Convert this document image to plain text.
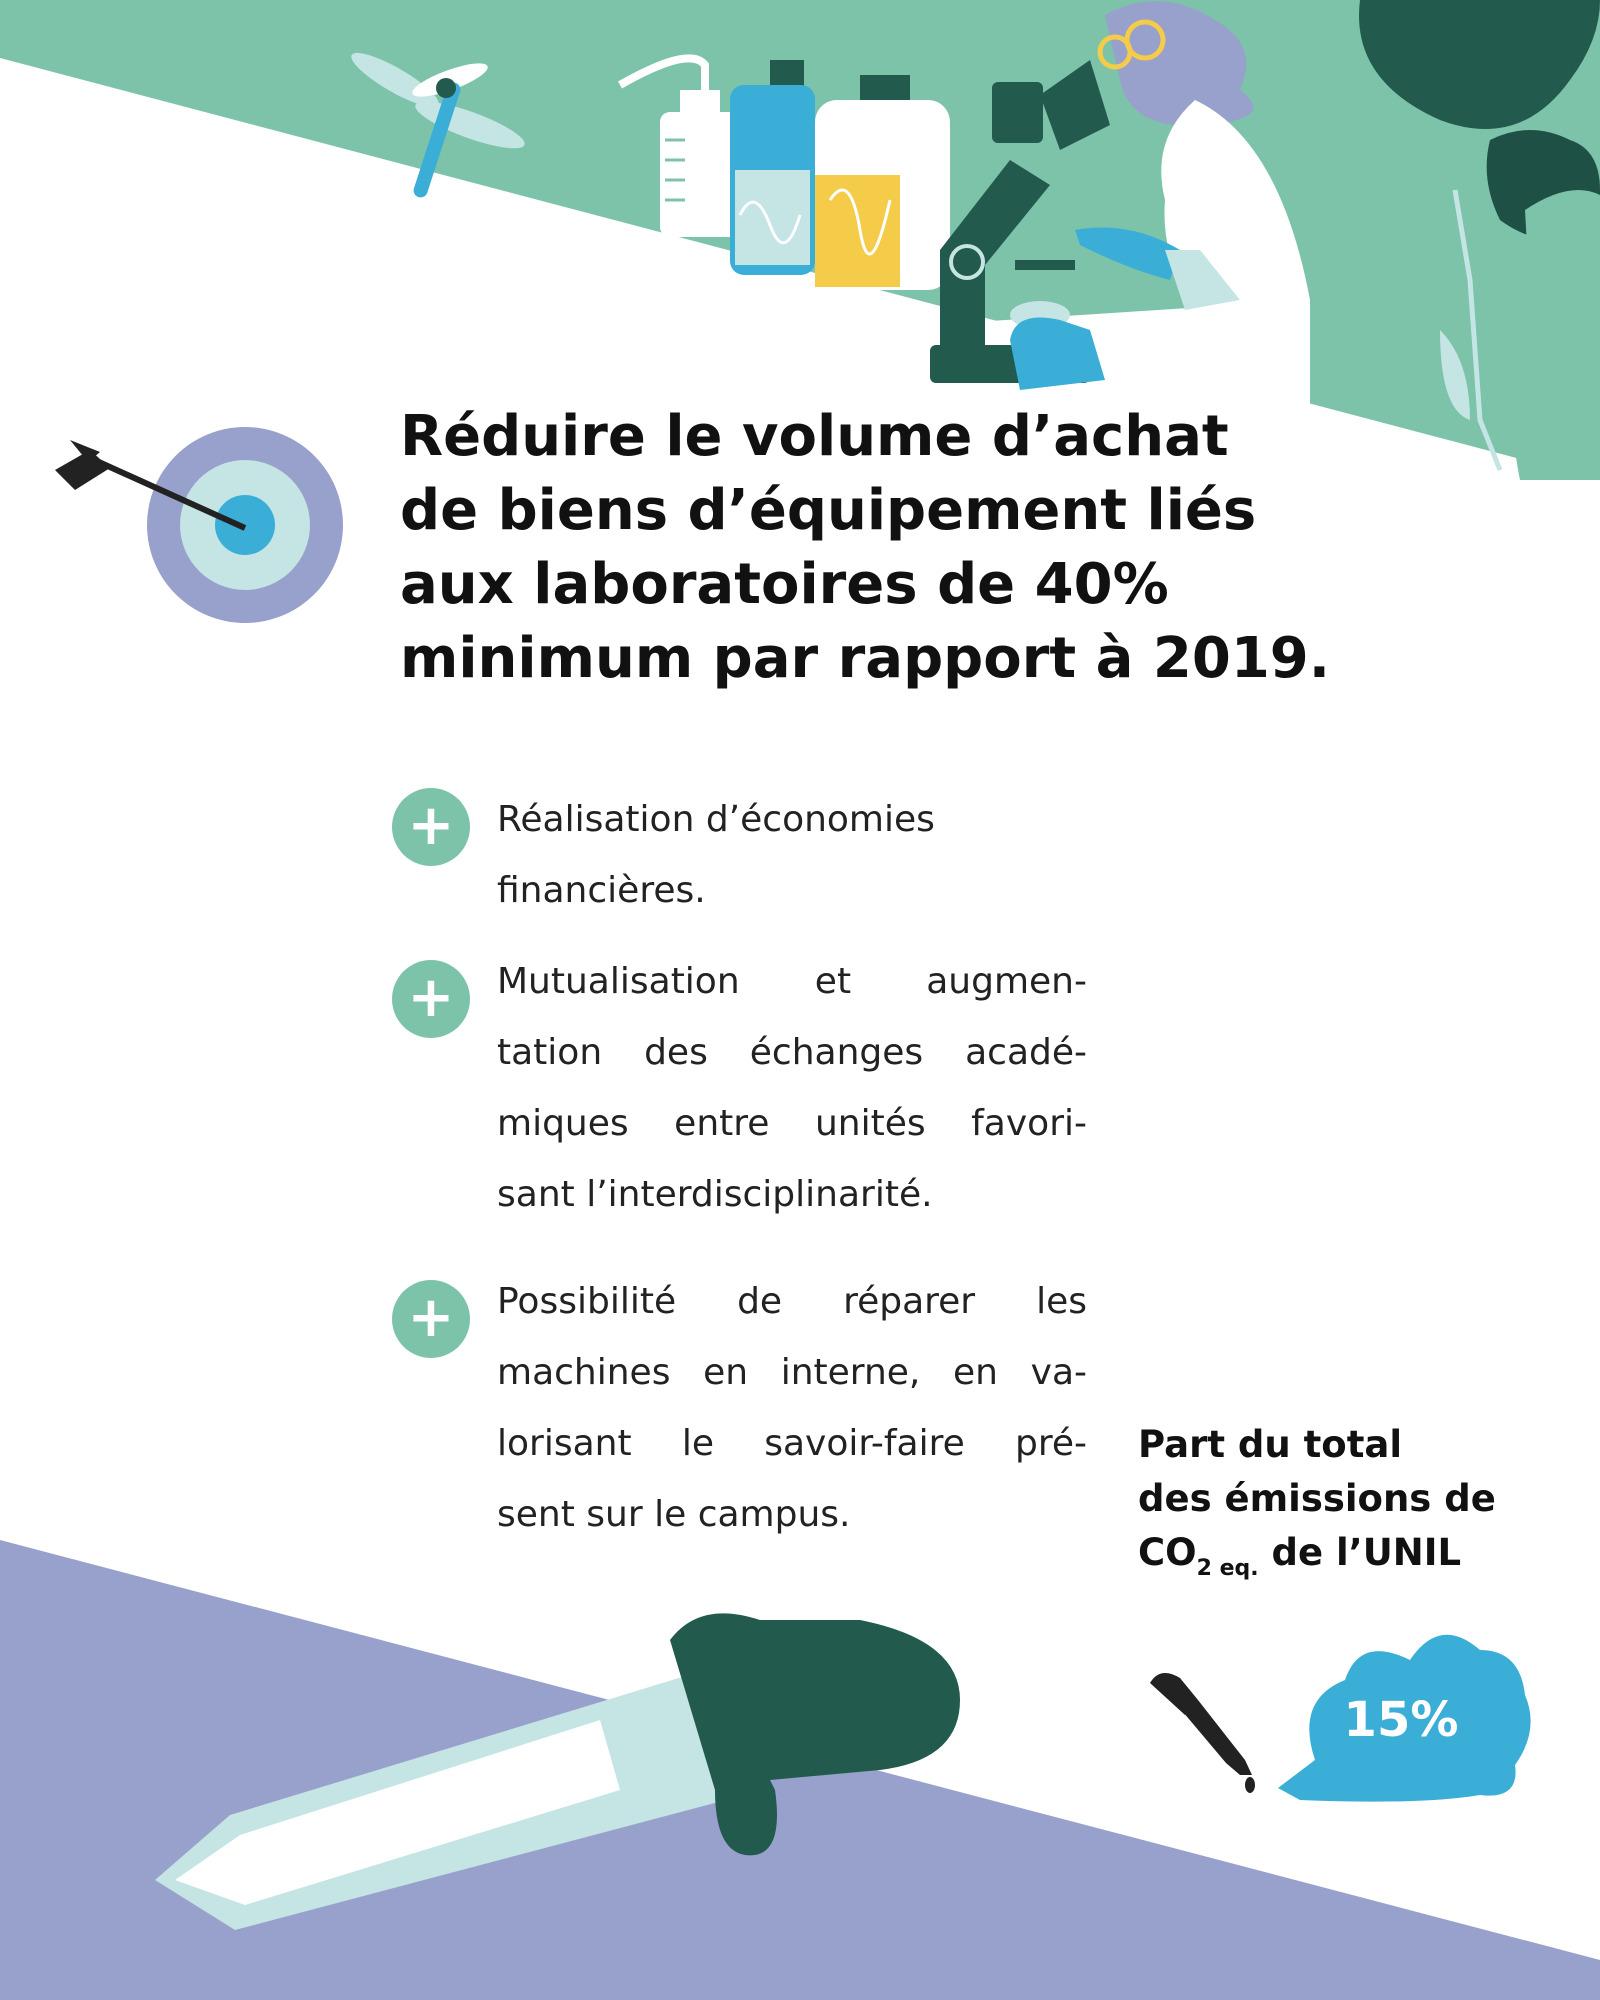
Réduire le volume d’achat
de biens d’équipement liés
aux laboratoires de 40%
minimum par rapport à 2019.
+	Réalisation d’économies
financières.
+	Mutualisation et augmen-
tation des échanges acadé-
miques entre unités favori-
sant l’interdisciplinarité.
+	Possibilité de réparer les
machines en interne, en va-
lorisant le savoir-faire pré-
sent sur le campus.
Part du total
des émissions de
$CO_{2 eq.}$ de l’UNIL
15%
